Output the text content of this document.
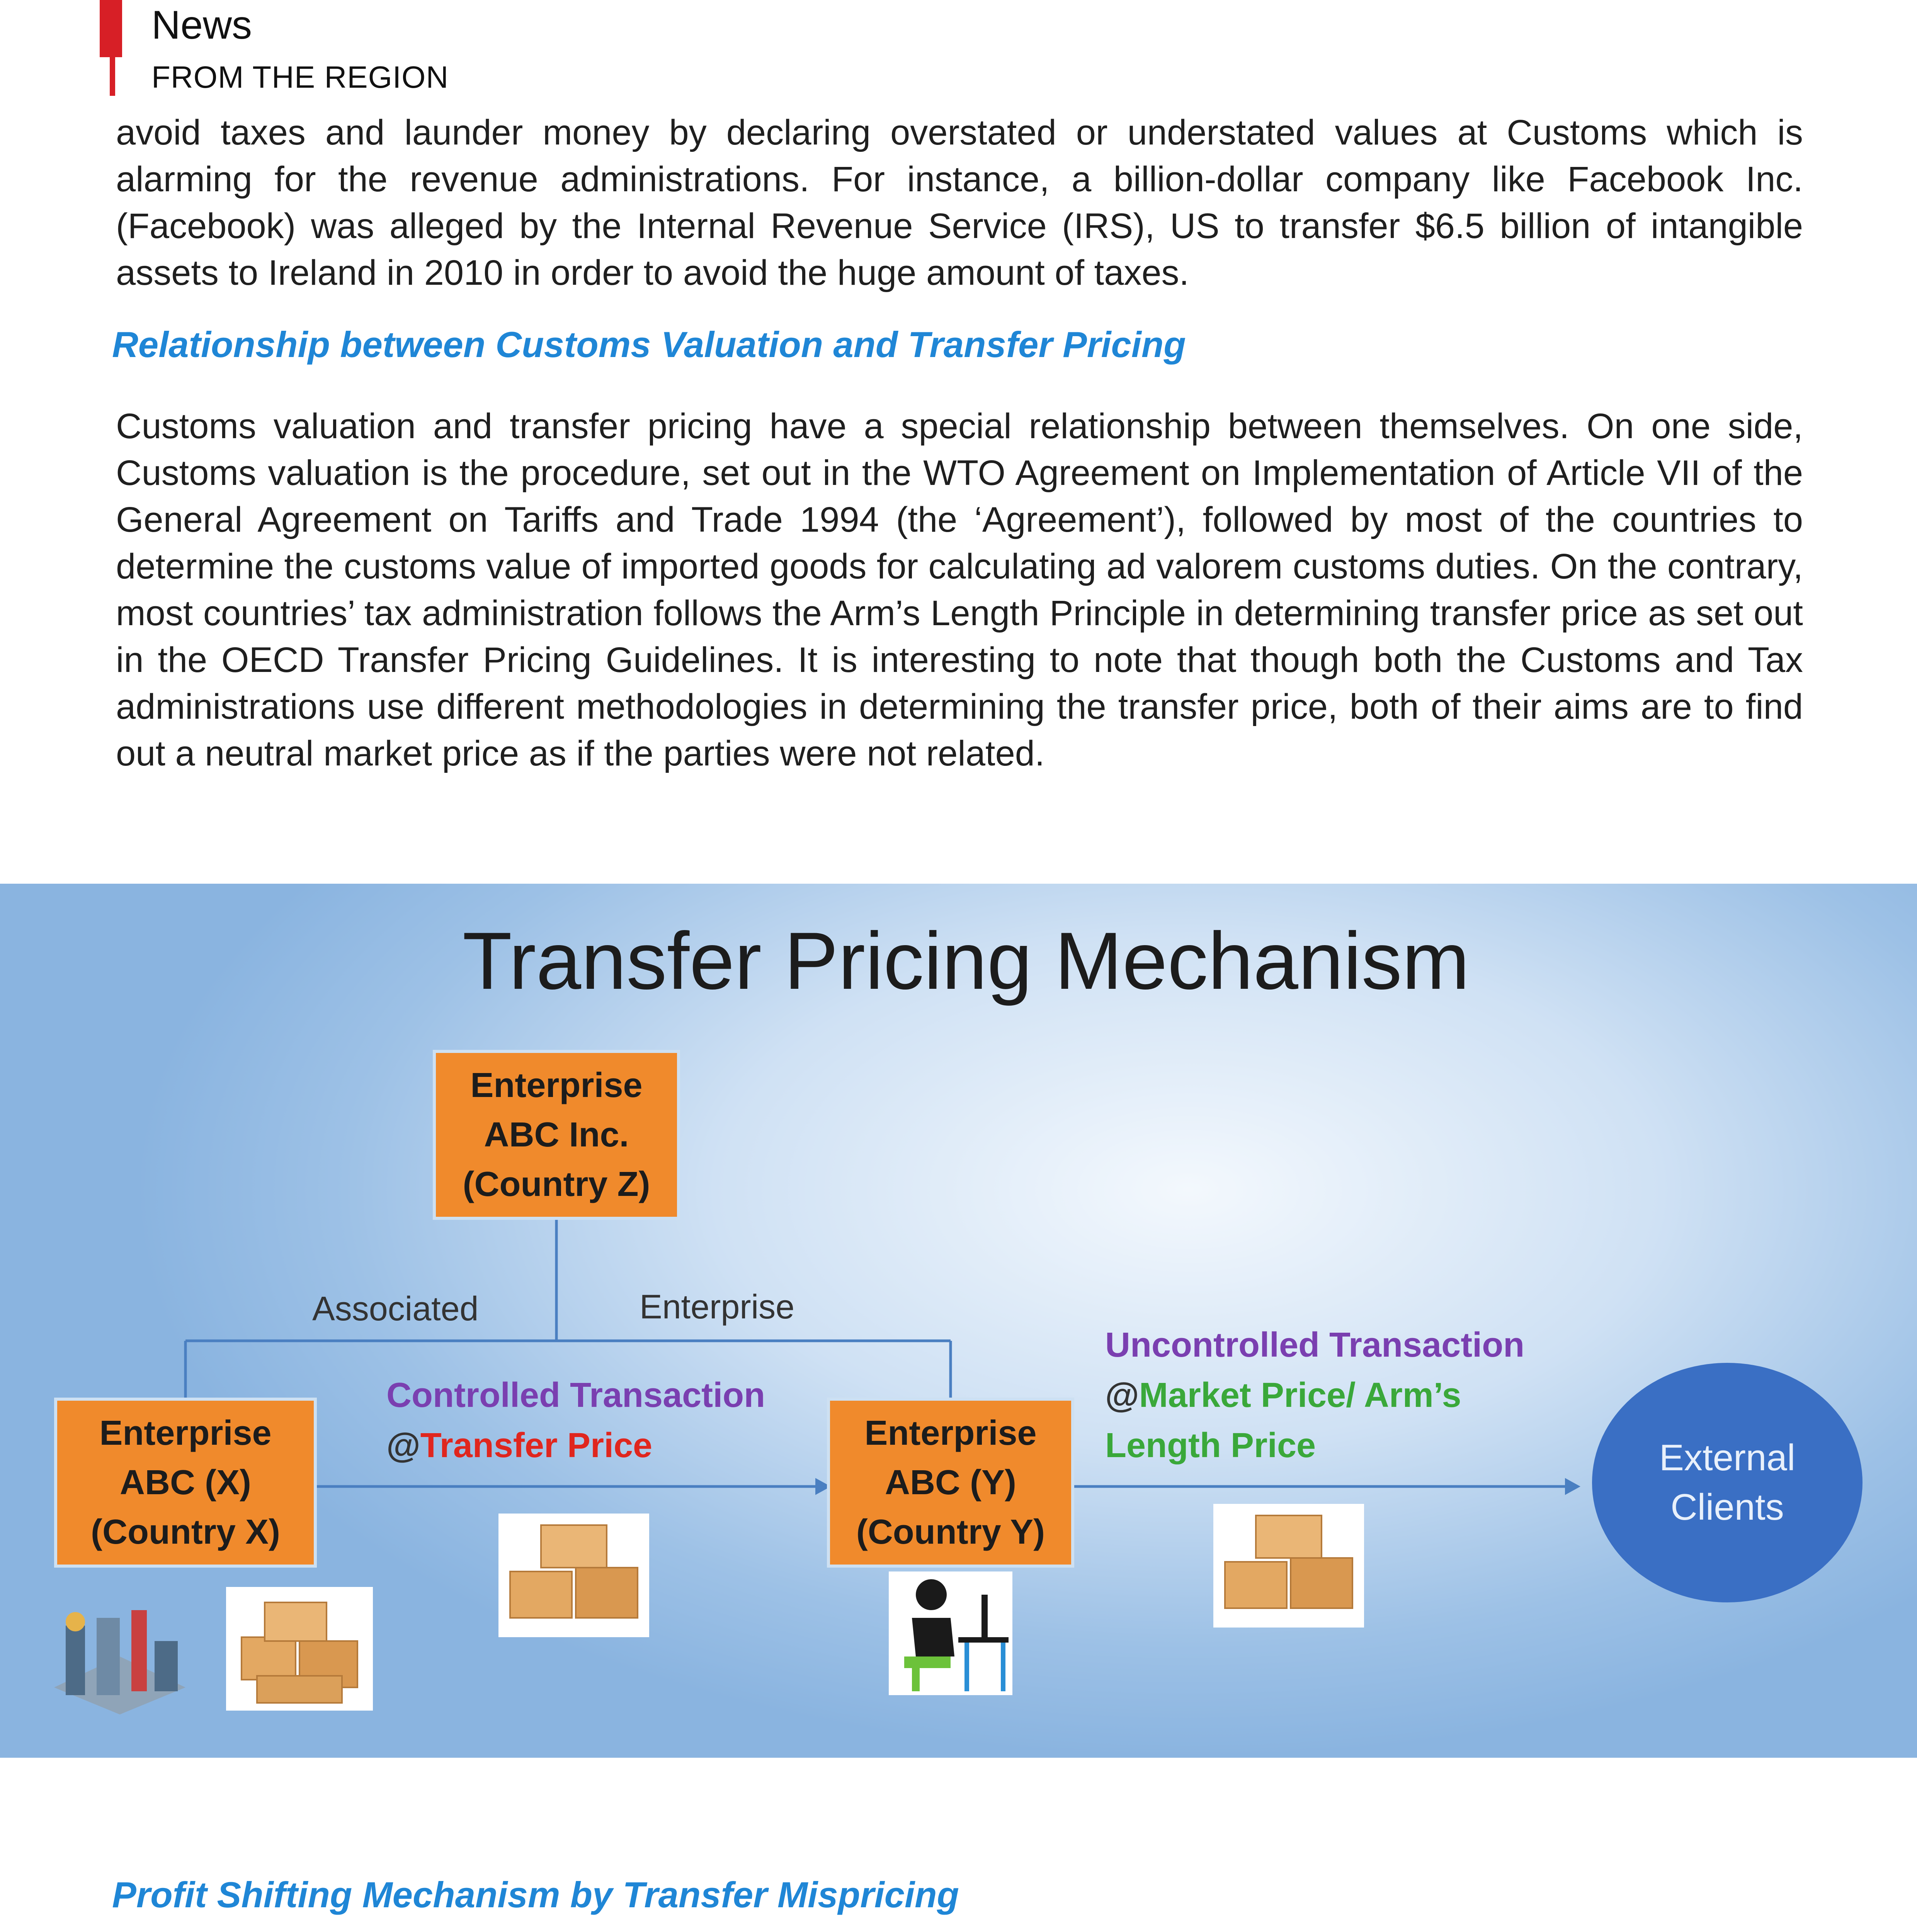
News
FROM THE REGION

avoid taxes and launder money by declaring overstated or understated values at Customs which is alarming for the revenue administrations. For instance, a billion-dollar company like Facebook Inc. (Facebook) was alleged by the Internal Revenue Service (IRS), US to transfer $6.5 billion of intangible assets to Ireland in 2010 in order to avoid the huge amount of taxes.

Relationship between Customs Valuation and Transfer Pricing

Customs valuation and transfer pricing have a special relationship between themselves. On one side, Customs valuation is the procedure, set out in the WTO Agreement on Implementation of Article VII of the General Agreement on Tariffs and Trade 1994 (the ‘Agreement’), followed by most of the countries to determine the customs value of imported goods for calculating ad valorem customs duties. On the contrary, most countries’ tax administration follows the Arm’s Length Principle in determining transfer price as set out in the OECD Transfer Pricing Guidelines. It is interesting to note that though both the Customs and Tax administrations use different methodologies in determining the transfer price, both of their aims are to find out a neutral market price as if the parties were not related.

Transfer Pricing Mechanism
Enterprise
ABC Inc.
(Country Z)
Associated	Enterprise
Enterprise
ABC (X)
(Country X)
Enterprise
ABC (Y)
(Country Y)
Controlled Transaction
@Transfer Price
Uncontrolled Transaction
@Market Price/ Arm’s
Length Price	External
Clients
Profit Shifting Mechanism by Transfer Mispricing
